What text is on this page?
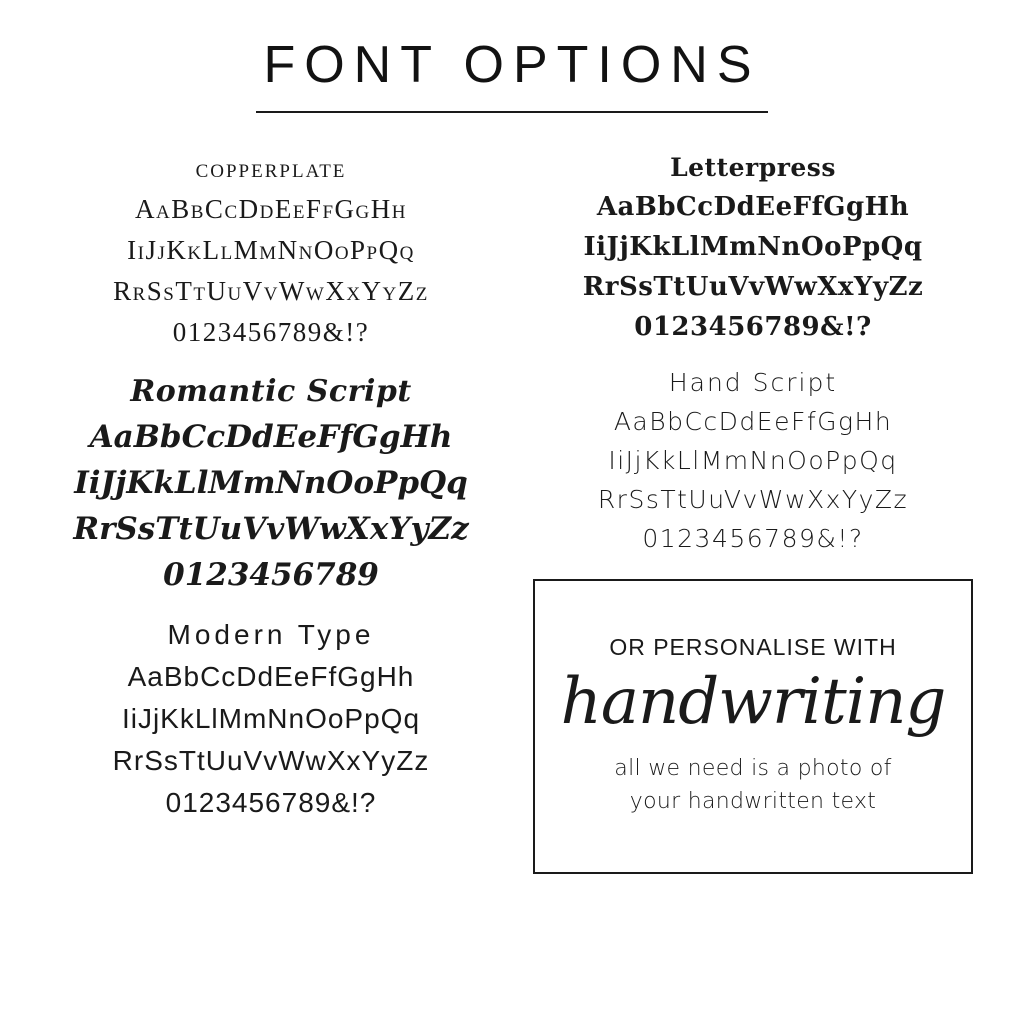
FONT OPTIONS
copperplate
AaBbCcDdEeFfGgHh
IiJjKkLlMmNnOoPpQq
RrSsTtUuVvWwXxYyZz
0123456789&!?
Romantic Script
AaBbCcDdEeFfGgHh
IiJjKkLlMmNnOoPpQq
RrSsTtUuVvWwXxYyZz
0123456789
Modern Type
AaBbCcDdEeFfGgHh
IiJjKkLlMmNnOoPpQq
RrSsTtUuVvWwXxYyZz
0123456789&!?
Letterpress
AaBbCcDdEeFfGgHh
IiJjKkLlMmNnOoPpQq
RrSsTtUuVvWwXxYyZz
0123456789&!?
Hand Script
AaBbCcDdEeFfGgHh
IiJjKkLlMmNnOoPpQq
RrSsTtUuVvWwXxYyZz
0123456789&!?
OR PERSONALISE WITH
handwriting
all we need is a photo of
your handwritten text
